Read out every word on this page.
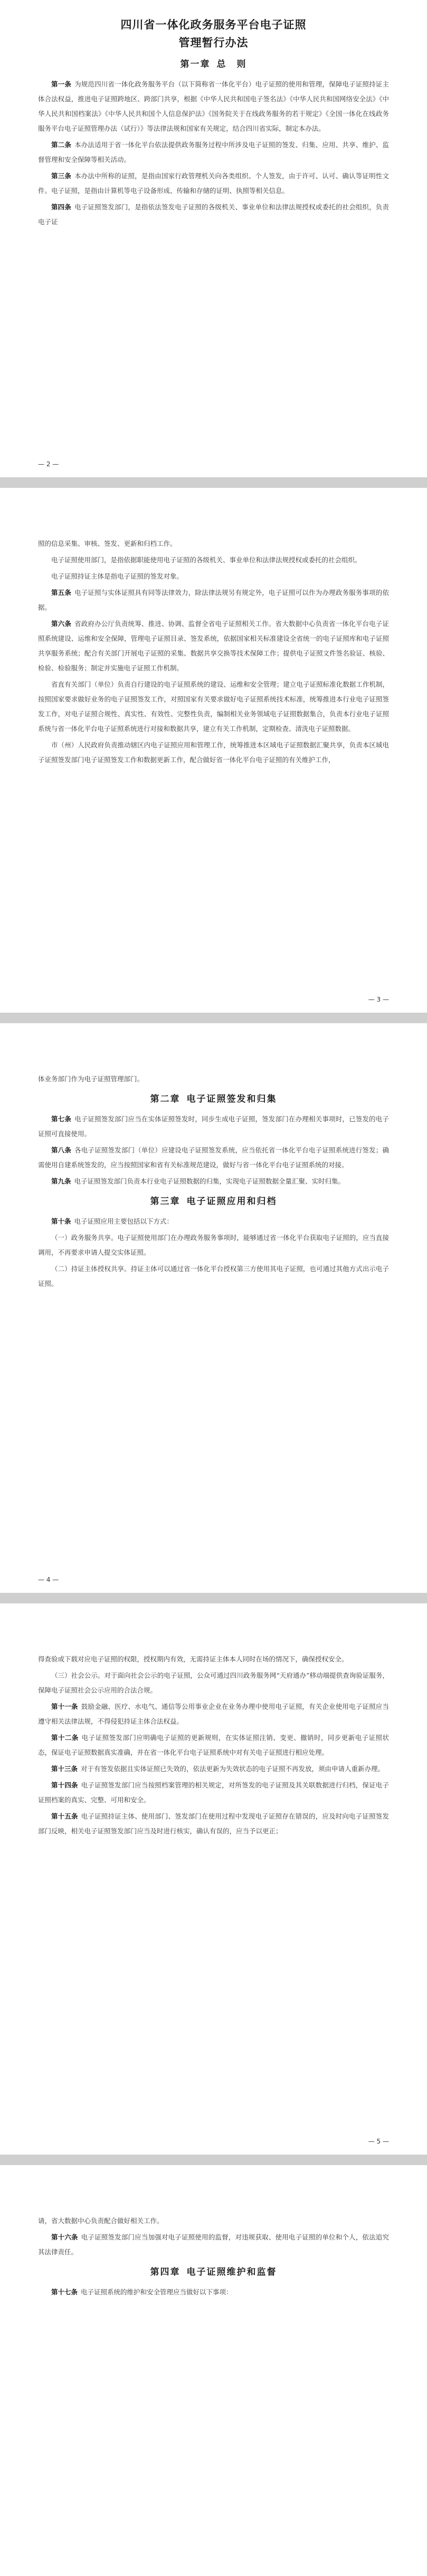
四川省一体化政务服务平台电子证照
管理暂行办法
第一章 总　则

第一条 为规范四川省一体化政务服务平台（以下简称省一体化平台）电子证照的使用和管理，保障电子证照持证主体合法权益，推进电子证照跨地区、跨部门共享，根据《中华人民共和国电子签名法》《中华人民共和国网络安全法》《中华人民共和国档案法》《中华人民共和国个人信息保护法》《国务院关于在线政务服务的若干规定》《全国一体化在线政务服务平台电子证照管理办法（试行）》等法律法规和国家有关规定，结合四川省实际，制定本办法。

第二条 本办法适用于省一体化平台依法提供政务服务过程中所涉及电子证照的签发、归集、应用、共享、维护、监督管理和安全保障等相关活动。

第三条 本办法中所称的证照，是指由国家行政管理机关向各类组织、个人签发，由于许可、认可、确认等证明性文件。电子证照，是指由计算机等电子设备形成、传输和存储的证明、执照等相关信息。

第四条 电子证照签发部门，是指依法签发电子证照的各级机关、事业单位和法律法规授权或委托的社会组织，负责电子证

— 2 —

照的信息采集、审核、签发、更新和归档工作。

电子证照使用部门，是指依据职能使用电子证照的各级机关、事业单位和法律法规授权或委托的社会组织。

电子证照持证主体是指电子证照的签发对象。

第五条 电子证照与实体证照具有同等法律效力，除法律法规另有规定外，电子证照可以作为办理政务服务事项的依据。

第六条 省政府办公厅负责统筹、推进、协调、监督全省电子证照相关工作。省大数据中心负责省一体化平台电子证照系统建设、运维和安全保障，管理电子证照目录、签发系统，依据国家相关标准建设全省统一的电子证照库和电子证照共享服务系统；配合有关部门开展电子证照的采集、数据共享交换等技术保障工作；提供电子证照文件签名验证、核验、检验、检验服务；制定并实施电子证照工作机制。

省直有关部门（单位）负责自行建设的电子证照系统的建设、运维和安全管理；建立电子证照标准化数据工作机制，按照国家要求做好业务的电子证照签发工作，对照国家有关要求做好电子证照系统技术标准，统筹推进本行业电子证照签发工作，对电子证照合规性、真实性、有效性、完整性负责，编制相关业务领域电子证照数据集合，负责本行业电子证照系统与省一体化平台电子证照系统进行对接和数据共享，建立有关工作机制，定期检查、清洗电子证照数据。

市（州）人民政府负责推动辖区内电子证照应用和管理工作，统筹推进本区域电子证照数据汇聚共享，负责本区域电子证照签发部门电子证照签发工作和数据更新工作，配合做好省一体化平台电子证照的有关维护工作，

— 3 —

体业务部门作为电子证照管理部门。

第二章 电子证照签发和归集

第七条 电子证照签发部门应当在实体证照签发时，同步生成电子证照，签发部门在办理相关事项时，已签发的电子证照可直接使用。

第八条 各电子证照签发部门（单位）应建设电子证照签发系统，应当依托省一体化平台电子证照系统进行签发；确需使用自建系统签发的，应当按照国家和省有关标准规范建设，做好与省一体化平台电子证照系统的对接。

第九条 电子证照签发部门负责本行业电子证照数据的归集，实现电子证照数据全量汇聚、实时归集。

第三章 电子证照应用和归档

第十条 电子证照应用主要包括以下方式：

（一）政务服务共享。电子证照使用部门在办理政务服务事项时，能够通过省一体化平台获取电子证照的，应当直接调用，不再要求申请人提交实体证照。

（二）持证主体授权共享。持证主体可以通过省一体化平台授权第三方使用其电子证照，也可通过其他方式出示电子证照。

— 4 —

得查验或下载对应电子证照的权限，授权期内有效，无需持证主体本人同时在场的情况下，确保授权安全。

（三）社会公示。对于面向社会公示的电子证照，公众可通过四川政务服务网“天府通办”移动端提供查询验证服务，保障电子证照社会公示应用的合法合规。

第十一条 鼓励金融、医疗、水电气、通信等公用事业企业在业务办理中使用电子证照，有关企业使用电子证照应当遵守相关法律法规，不得侵犯持证主体合法权益。

第十二条 电子证照签发部门应明确电子证照的更新规则，在实体证照注销、变更、撤销时，同步更新电子证照状态，保证电子证照数据真实准确，并在省一体化平台电子证照系统中对有关电子证照进行相应处理。

第十三条 对于有签发依据且实体证照已失效的，依法更新为失效状态的电子证照不再发放，须由申请人重新办理。

第十四条 电子证照签发部门应当按照档案管理的相关规定，对所签发的电子证照及其关联数据进行归档，保证电子证照档案的真实、完整、可用和安全。

第十五条 电子证照持证主体、使用部门、签发部门在使用过程中发现电子证照存在错误的，应及时向电子证照签发部门反映，相关电子证照签发部门应当及时进行核实，确认有误的，应当予以更正；

— 5 —

请，省大数据中心负责配合做好相关工作。

第十六条 电子证照签发部门应当加强对电子证照使用的监督，对违规获取、使用电子证照的单位和个人，依法追究其法律责任。

第四章 电子证照维护和监督

第十七条 电子证照系统的维护和安全管理应当做好以下事项：
